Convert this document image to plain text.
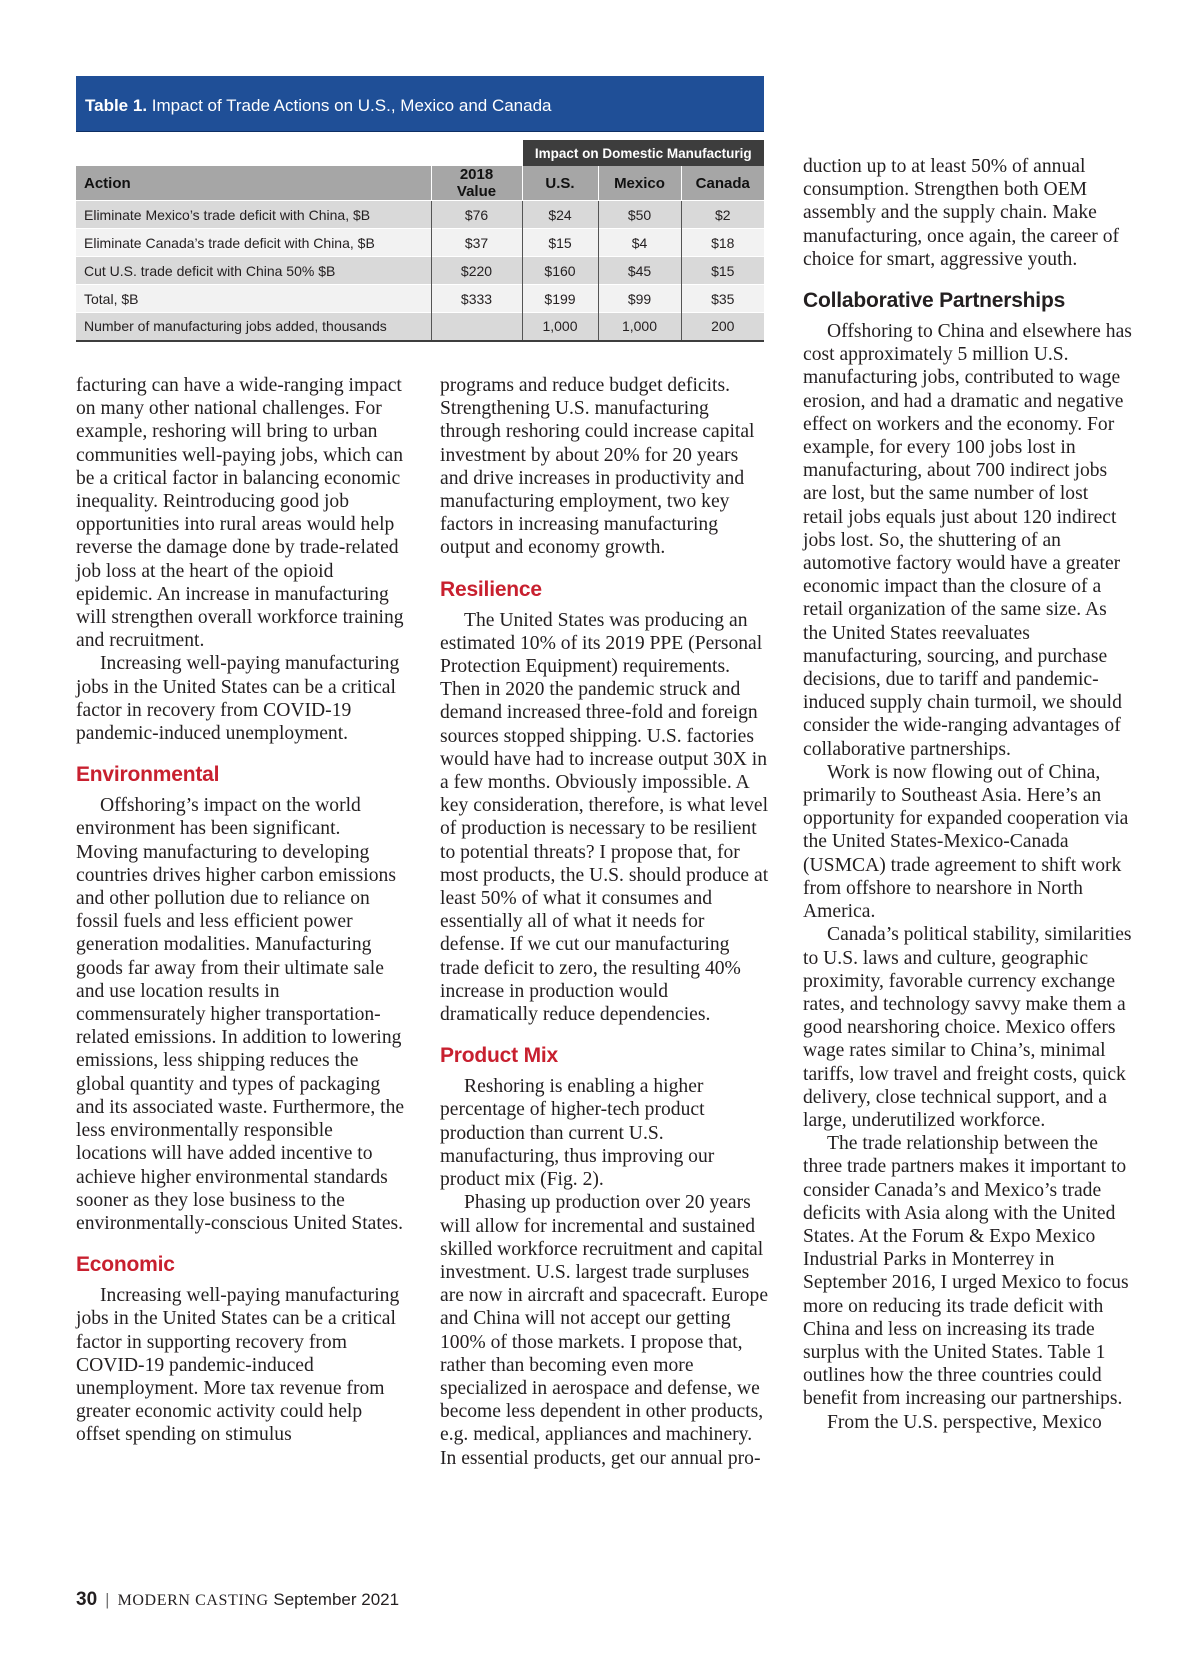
Table 1. Impact of Trade Actions on U.S., Mexico and Canada
		Impact on Domestic Manufacturig		
Action	2018 Value	U.S.	Mexico	Canada
Eliminate Mexico’s trade deficit with China, $B	$76	$24	$50	$2
Eliminate Canada’s trade deficit with China, $B	$37	$15	$4	$18
Cut U.S. trade deficit with China 50% $B	$220	$160	$45	$15
Total, $B	$333	$199	$99	$35
Number of manufacturing jobs added, thousands		1,000	1,000	200

facturing can have a wide-ranging impact on many other national challenges. For example, reshoring will bring to urban communities well-paying jobs, which can be a critical factor in balancing economic inequality. Reintroducing good job opportunities into rural areas would help reverse the damage done by trade-related job loss at the heart of the opioid epidemic. An increase in manufacturing will strengthen overall workforce training and recruitment.

Increasing well-paying manufacturing jobs in the United States can be a critical factor in recovery from COVID-19 pandemic-induced unemployment.

Environmental

Offshoring’s impact on the world environment has been significant. Moving manufacturing to developing countries drives higher carbon emissions and other pollution due to reliance on fossil fuels and less efficient power generation modalities. Manufacturing goods far away from their ultimate sale and use location results in commensurately higher transportation-related emissions. In addition to lowering emissions, less shipping reduces the global quantity and types of packaging and its associated waste. Furthermore, the less environmentally responsible locations will have added incentive to achieve higher environmental standards sooner as they lose business to the environmentally-conscious United States.

Economic

Increasing well-paying manufacturing jobs in the United States can be a critical factor in supporting recovery from COVID-19 pandemic-induced unemployment. More tax revenue from greater economic activity could help offset spending on stimulus

programs and reduce budget deficits. Strengthening U.S. manufacturing through reshoring could increase capital investment by about 20% for 20 years and drive increases in productivity and manufacturing employment, two key factors in increasing manufacturing output and economy growth.

Resilience

The United States was producing an estimated 10% of its 2019 PPE (Personal Protection Equipment) requirements. Then in 2020 the pandemic struck and demand increased three-fold and foreign sources stopped shipping. U.S. factories would have had to increase output 30X in a few months. Obviously impossible. A key consideration, therefore, is what level of production is necessary to be resilient to potential threats? I propose that, for most products, the U.S. should produce at least 50% of what it consumes and essentially all of what it needs for defense. If we cut our manufacturing trade deficit to zero, the resulting 40% increase in production would dramatically reduce dependencies.

Product Mix

Reshoring is enabling a higher percentage of higher-tech product production than current U.S. manufacturing, thus improving our product mix (Fig. 2).

Phasing up production over 20 years will allow for incremental and sustained skilled workforce recruitment and capital investment. U.S. largest trade surpluses are now in aircraft and spacecraft. Europe and China will not accept our getting 100% of those markets. I propose that, rather than becoming even more specialized in aerospace and defense, we become less dependent in other products, e.g. medical, appliances and machinery. In essential products, get our annual pro-

duction up to at least 50% of annual consumption. Strengthen both OEM assembly and the supply chain. Make manufacturing, once again, the career of choice for smart, aggressive youth.

Collaborative Partnerships

Offshoring to China and elsewhere has cost approximately 5 million U.S. manufacturing jobs, contributed to wage erosion, and had a dramatic and negative effect on workers and the economy. For example, for every 100 jobs lost in manufacturing, about 700 indirect jobs are lost, but the same number of lost retail jobs equals just about 120 indirect jobs lost. So, the shuttering of an automotive factory would have a greater economic impact than the closure of a retail organization of the same size. As the United States reevaluates manufacturing, sourcing, and purchase decisions, due to tariff and pandemic-induced supply chain turmoil, we should consider the wide-ranging advantages of collaborative partnerships.

Work is now flowing out of China, primarily to Southeast Asia. Here’s an opportunity for expanded cooperation via the United States-Mexico-Canada (USMCA) trade agreement to shift work from offshore to nearshore in North America.

Canada’s political stability, similarities to U.S. laws and culture, geographic proximity, favorable currency exchange rates, and technology savvy make them a good nearshoring choice. Mexico offers wage rates similar to China’s, minimal tariffs, low travel and freight costs, quick delivery, close technical support, and a large, underutilized workforce.

The trade relationship between the three trade partners makes it important to consider Canada’s and Mexico’s trade deficits with Asia along with the United States. At the Forum & Expo Mexico Industrial Parks in Monterrey in September 2016, I urged Mexico to focus more on reducing its trade deficit with China and less on increasing its trade surplus with the United States. Table 1 outlines how the three countries could benefit from increasing our partnerships.

From the U.S. perspective, Mexico

30 | MODERN CASTING September 2021
